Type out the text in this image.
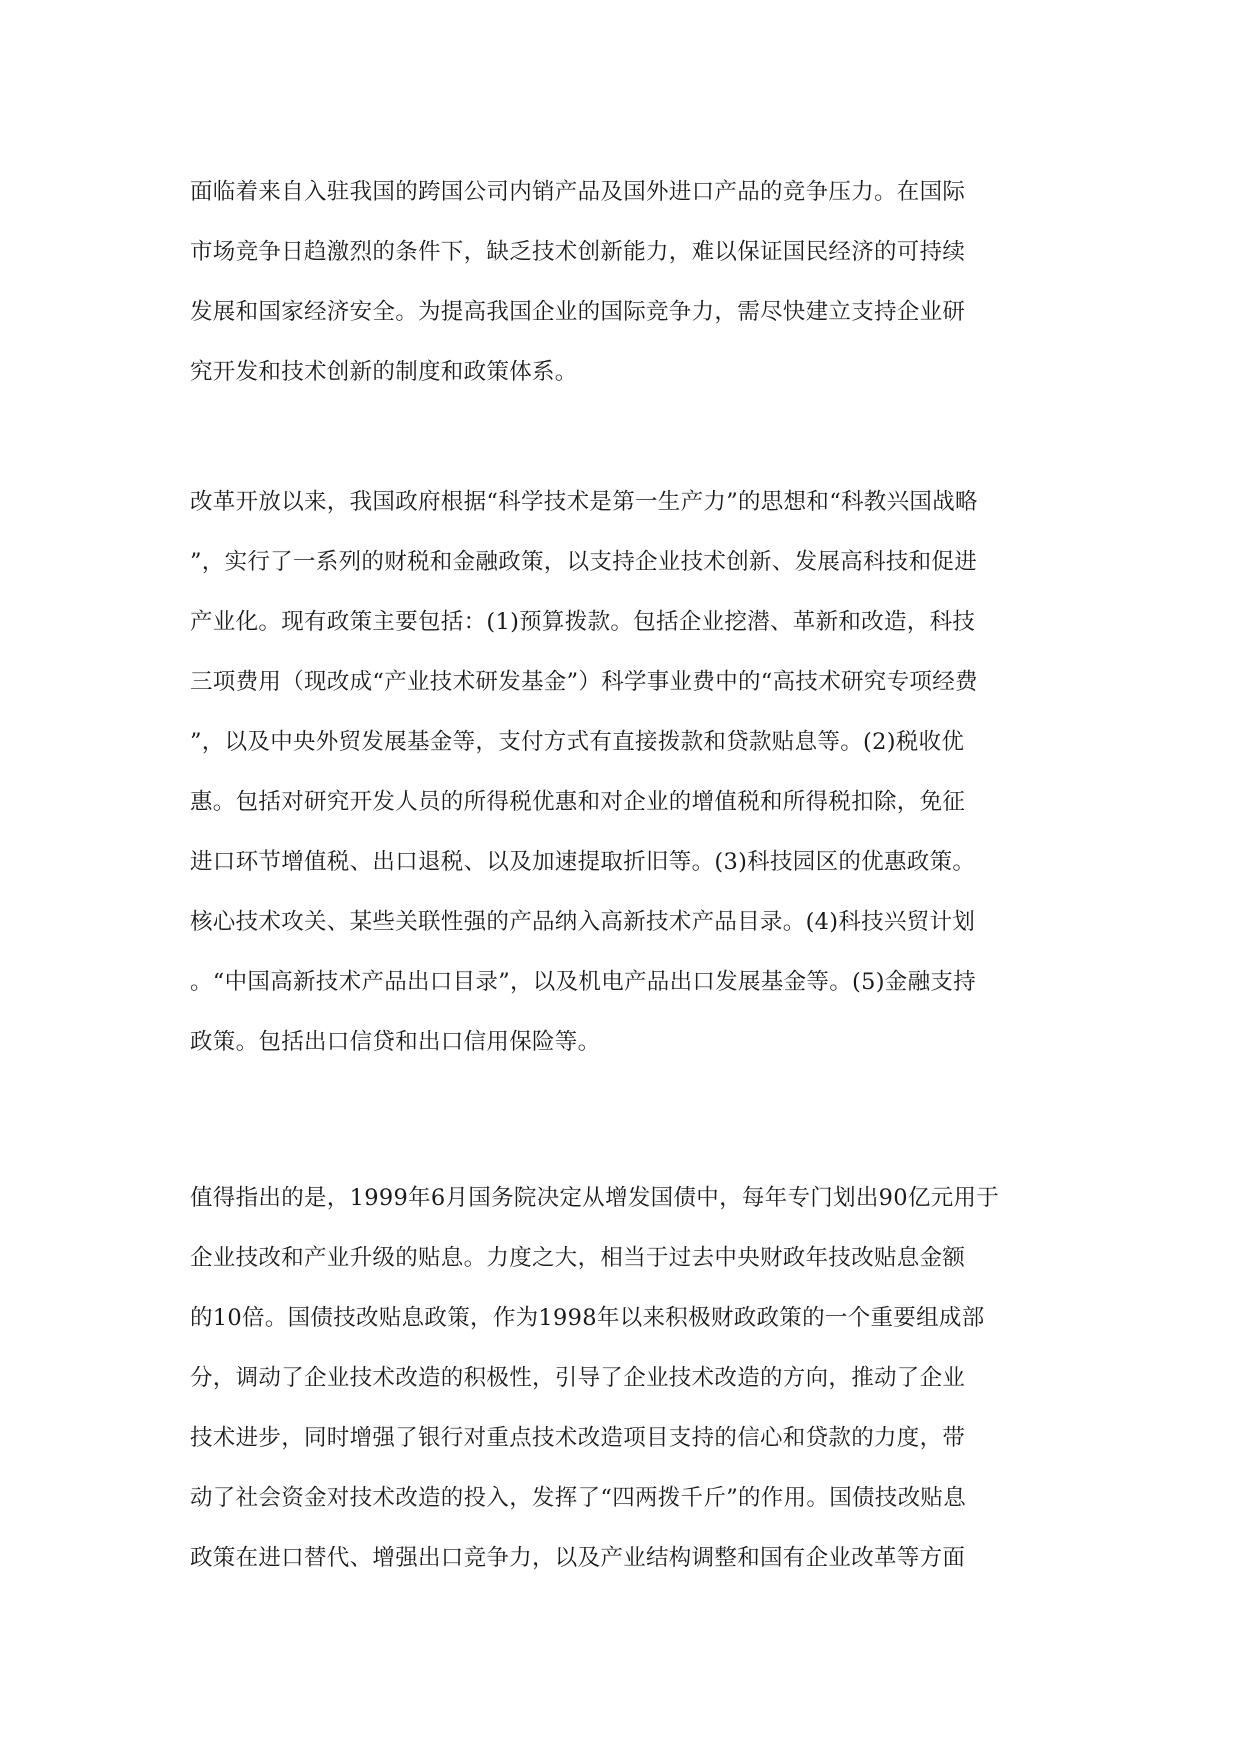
面临着来自入驻我国的跨国公司内销产品及国外进口产品的竞争压力。在国际
市场竞争日趋激烈的条件下，缺乏技术创新能力，难以保证国民经济的可持续
发展和国家经济安全。为提高我国企业的国际竞争力，需尽快建立支持企业研
究开发和技术创新的制度和政策体系。
改革开放以来，我国政府根据“科学技术是第一生产力”的思想和“科教兴国战略
”，实行了一系列的财税和金融政策，以支持企业技术创新、发展高科技和促进
产业化。现有政策主要包括：(1)预算拨款。包括企业挖潜、革新和改造，科技
三项费用（现改成“产业技术研发基金”）科学事业费中的“高技术研究专项经费
”，以及中央外贸发展基金等，支付方式有直接拨款和贷款贴息等。(2)税收优
惠。包括对研究开发人员的所得税优惠和对企业的增值税和所得税扣除，免征
进口环节增值税、出口退税、以及加速提取折旧等。(3)科技园区的优惠政策。
核心技术攻关、某些关联性强的产品纳入高新技术产品目录。(4)科技兴贸计划
。“中国高新技术产品出口目录”，以及机电产品出口发展基金等。(5)金融支持
政策。包括出口信贷和出口信用保险等。
值得指出的是，1999年6月国务院决定从增发国债中，每年专门划出90亿元用于
企业技改和产业升级的贴息。力度之大，相当于过去中央财政年技改贴息金额
的10倍。国债技改贴息政策，作为1998年以来积极财政政策的一个重要组成部
分，调动了企业技术改造的积极性，引导了企业技术改造的方向，推动了企业
技术进步，同时增强了银行对重点技术改造项目支持的信心和贷款的力度，带
动了社会资金对技术改造的投入，发挥了“四两拨千斤”的作用。国债技改贴息
政策在进口替代、增强出口竞争力，以及产业结构调整和国有企业改革等方面
